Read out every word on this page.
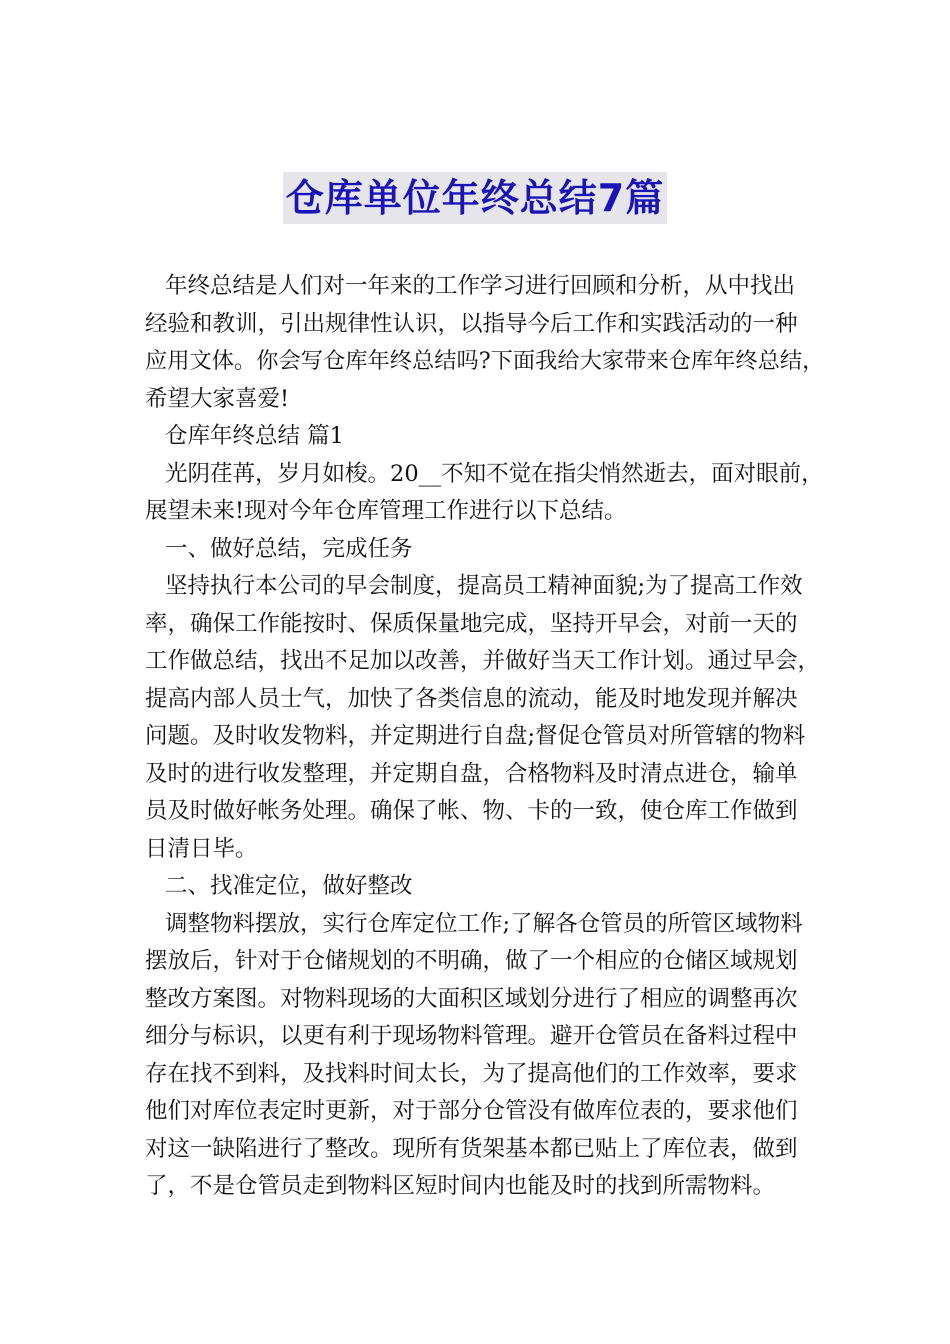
仓库单位年终总结7篇
年终总结是人们对一年来的工作学习进行回顾和分析，从中找出
经验和教训，引出规律性认识，以指导今后工作和实践活动的一种
应用文体。你会写仓库年终总结吗?下面我给大家带来仓库年终总结，
希望大家喜爱!
仓库年终总结 篇1
光阴荏苒，岁月如梭。20__不知不觉在指尖悄然逝去，面对眼前，
展望未来!现对今年仓库管理工作进行以下总结。
一、做好总结，完成任务
坚持执行本公司的早会制度，提高员工精神面貌;为了提高工作效
率，确保工作能按时、保质保量地完成，坚持开早会，对前一天的
工作做总结，找出不足加以改善，并做好当天工作计划。通过早会，
提高内部人员士气，加快了各类信息的流动，能及时地发现并解决
问题。及时收发物料，并定期进行自盘;督促仓管员对所管辖的物料
及时的进行收发整理，并定期自盘，合格物料及时清点进仓，输单
员及时做好帐务处理。确保了帐、物、卡的一致，使仓库工作做到
日清日毕。
二、找准定位，做好整改
调整物料摆放，实行仓库定位工作;了解各仓管员的所管区域物料
摆放后，针对于仓储规划的不明确，做了一个相应的仓储区域规划
整改方案图。对物料现场的大面积区域划分进行了相应的调整再次
细分与标识，以更有利于现场物料管理。避开仓管员在备料过程中
存在找不到料，及找料时间太长，为了提高他们的工作效率，要求
他们对库位表定时更新，对于部分仓管没有做库位表的，要求他们
对这一缺陷进行了整改。现所有货架基本都已贴上了库位表，做到
了，不是仓管员走到物料区短时间内也能及时的找到所需物料。
